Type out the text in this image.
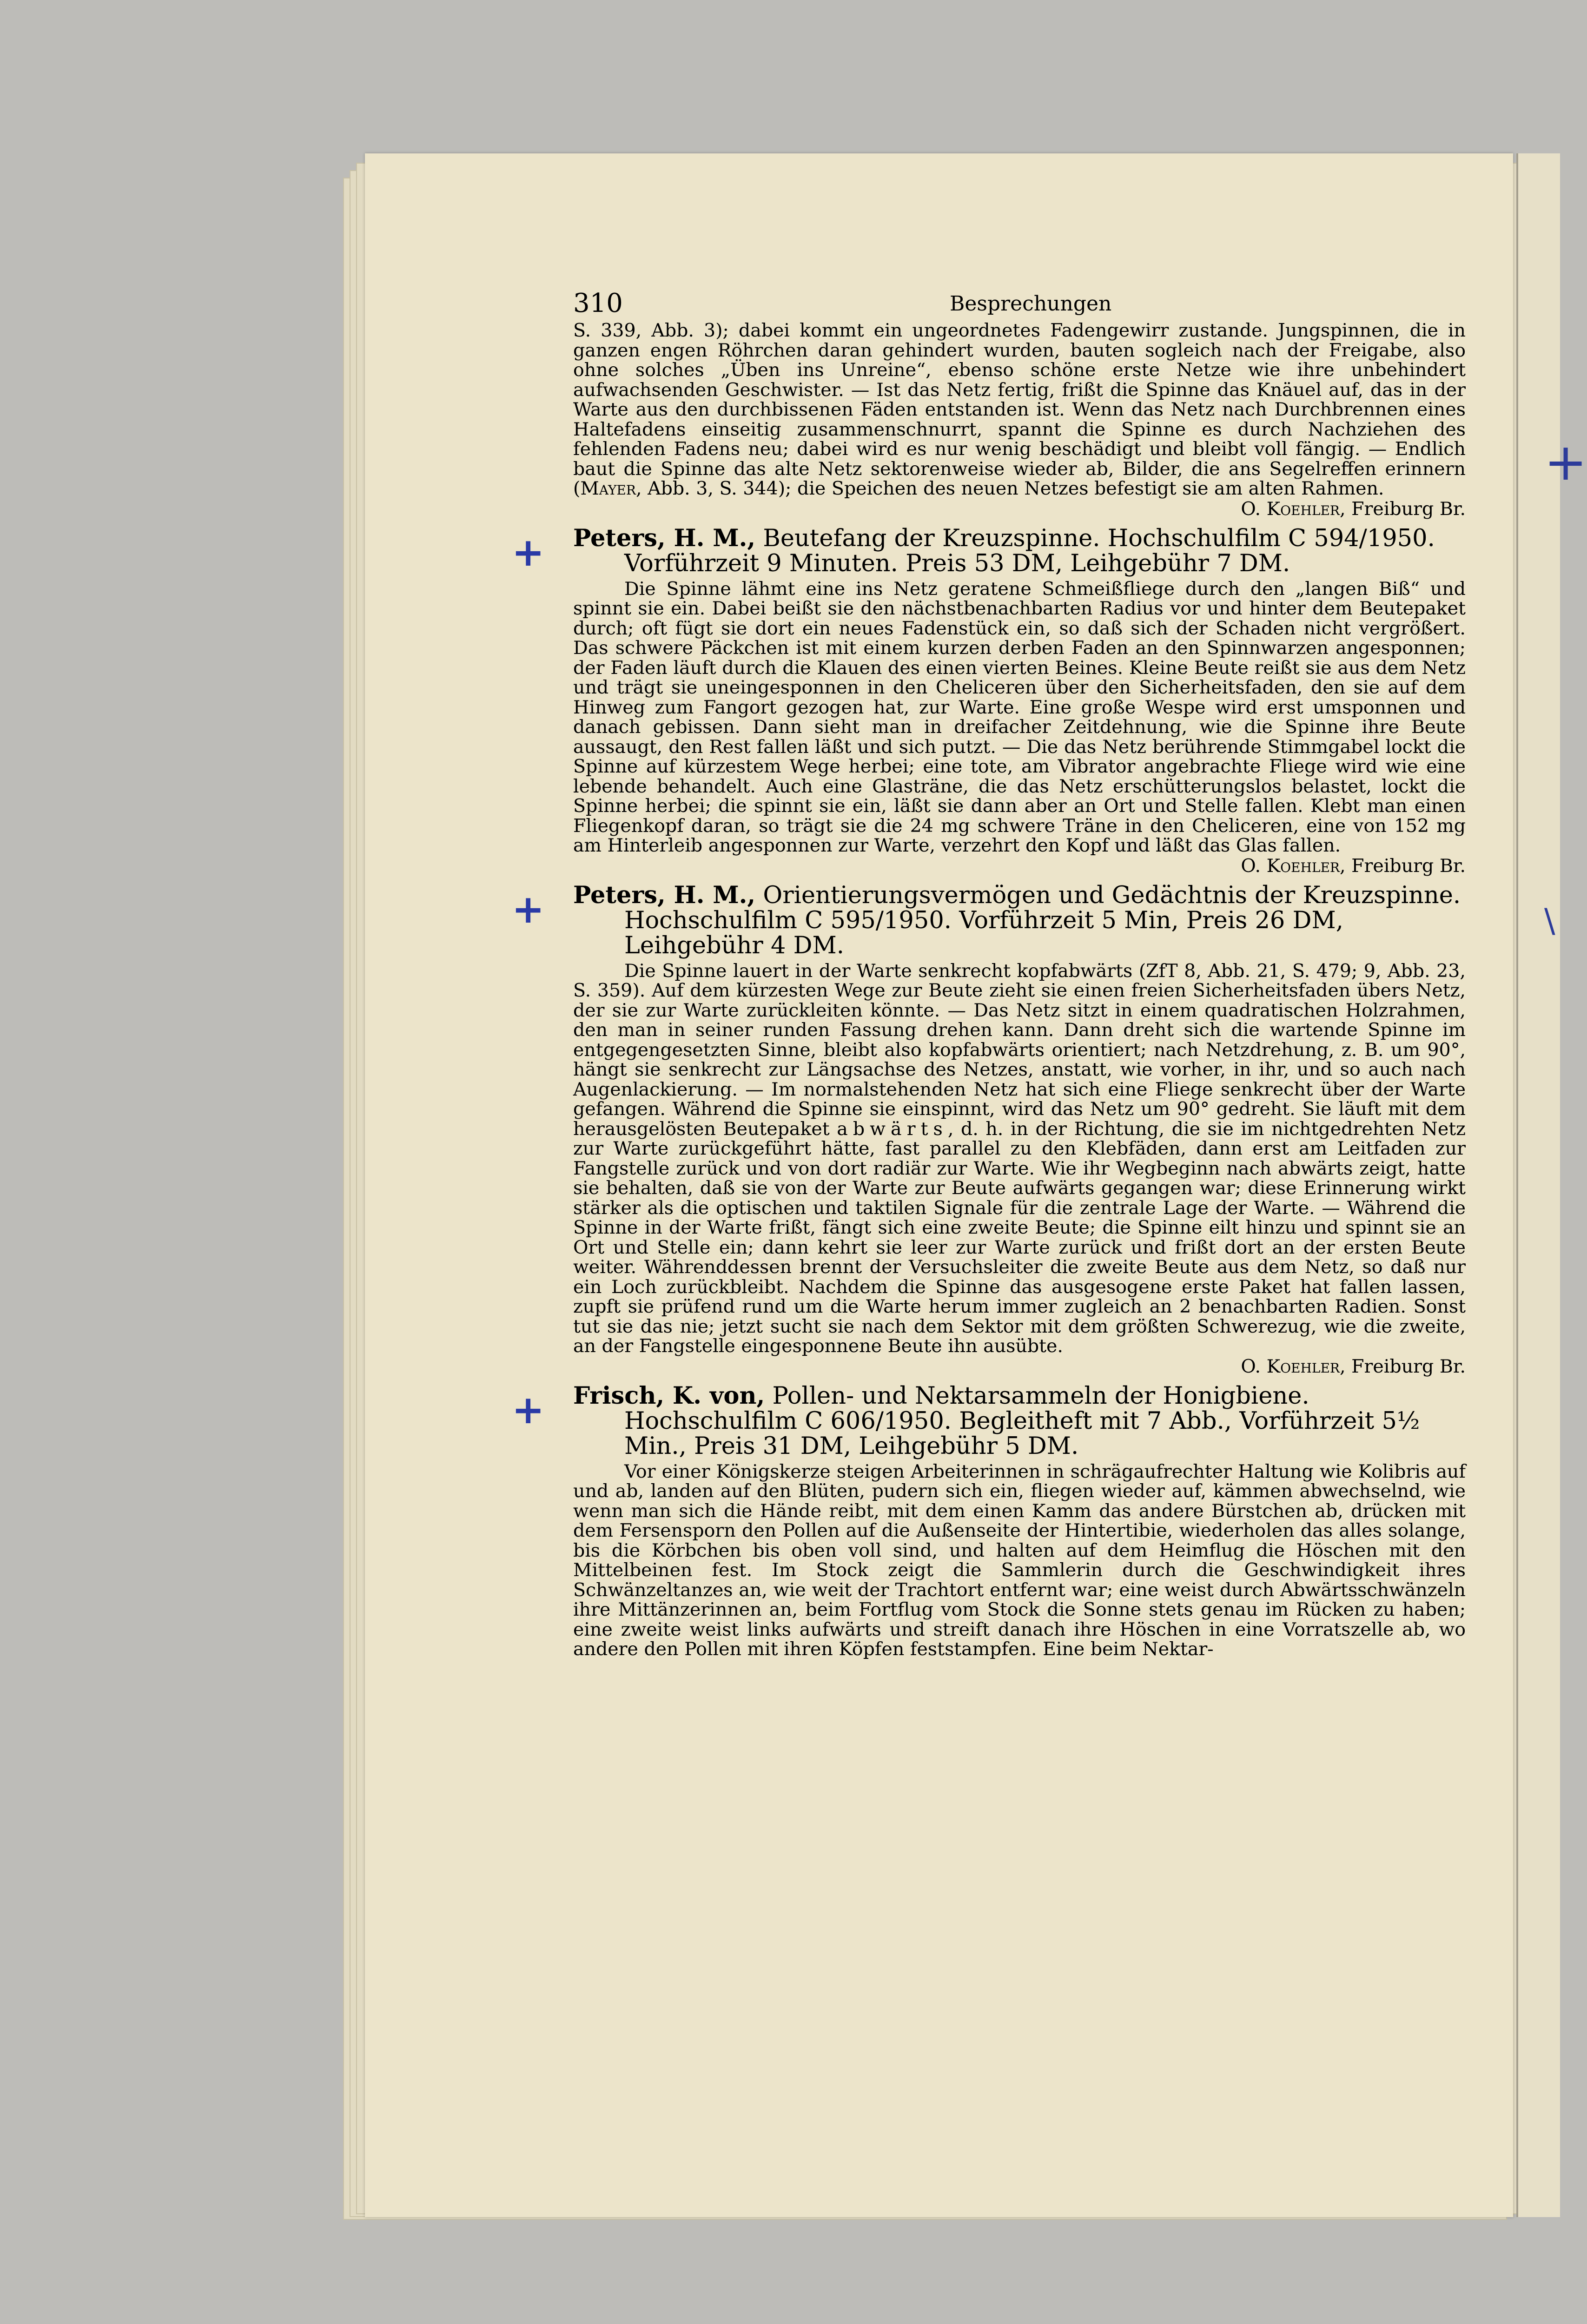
+
\
310	Besprechungen

S. 339, Abb. 3); dabei kommt ein ungeordnetes Fadengewirr zustande. Jungspinnen, die in ganzen engen Röhrchen daran gehindert wurden, bauten sogleich nach der Freigabe, also ohne solches „Üben ins Unreine“, ebenso schöne erste Netze wie ihre unbehindert aufwachsenden Geschwister. — Ist das Netz fertig, frißt die Spinne das Knäuel auf, das in der Warte aus den durchbissenen Fäden entstanden ist. Wenn das Netz nach Durchbrennen eines Haltefadens einseitig zusammenschnurrt, spannt die Spinne es durch Nachziehen des fehlenden Fadens neu; dabei wird es nur wenig beschädigt und bleibt voll fängig. — Endlich baut die Spinne das alte Netz sektorenweise wieder ab, Bilder, die ans Segelreffen erinnern (Mayer, Abb. 3, S. 344); die Speichen des neuen Netzes befestigt sie am alten Rahmen.

O. Koehler, Freiburg Br.
+ Peters, H. M., Beutefang der Kreuzspinne. Hochschulfilm C 594/1950. Vorführzeit 9 Minuten. Preis 53 DM, Leihgebühr 7 DM.

Die Spinne lähmt eine ins Netz geratene Schmeißfliege durch den „langen Biß“ und spinnt sie ein. Dabei beißt sie den nächstbenachbarten Radius vor und hinter dem Beutepaket durch; oft fügt sie dort ein neues Fadenstück ein, so daß sich der Schaden nicht vergrößert. Das schwere Päckchen ist mit einem kurzen derben Faden an den Spinnwarzen angesponnen; der Faden läuft durch die Klauen des einen vierten Beines. Kleine Beute reißt sie aus dem Netz und trägt sie uneingesponnen in den Cheliceren über den Sicherheitsfaden, den sie auf dem Hinweg zum Fangort gezogen hat, zur Warte. Eine große Wespe wird erst umsponnen und danach gebissen. Dann sieht man in dreifacher Zeitdehnung, wie die Spinne ihre Beute aussaugt, den Rest fallen läßt und sich putzt. — Die das Netz berührende Stimmgabel lockt die Spinne auf kürzestem Wege herbei; eine tote, am Vibrator angebrachte Fliege wird wie eine lebende behandelt. Auch eine Glasträne, die das Netz erschütterungslos belastet, lockt die Spinne herbei; die spinnt sie ein, läßt sie dann aber an Ort und Stelle fallen. Klebt man einen Fliegenkopf daran, so trägt sie die 24 mg schwere Träne in den Cheliceren, eine von 152 mg am Hinterleib angesponnen zur Warte, verzehrt den Kopf und läßt das Glas fallen.

O. Koehler, Freiburg Br.
+ Peters, H. M., Orientierungsvermögen und Gedächtnis der Kreuzspinne. Hochschulfilm C 595/1950. Vorführzeit 5 Min, Preis 26 DM, Leihgebühr 4 DM.

Die Spinne lauert in der Warte senkrecht kopfabwärts (ZfT 8, Abb. 21, S. 479; 9, Abb. 23, S. 359). Auf dem kürzesten Wege zur Beute zieht sie einen freien Sicherheitsfaden übers Netz, der sie zur Warte zurückleiten könnte. — Das Netz sitzt in einem quadratischen Holzrahmen, den man in seiner runden Fassung drehen kann. Dann dreht sich die wartende Spinne im entgegengesetzten Sinne, bleibt also kopfabwärts orientiert; nach Netzdrehung, z. B. um 90°, hängt sie senkrecht zur Längsachse des Netzes, anstatt, wie vorher, in ihr, und so auch nach Augenlackierung. — Im normalstehenden Netz hat sich eine Fliege senkrecht über der Warte gefangen. Während die Spinne sie einspinnt, wird das Netz um 90° gedreht. Sie läuft mit dem herausgelösten Beutepaket abwärts, d. h. in der Richtung, die sie im nichtgedrehten Netz zur Warte zurückgeführt hätte, fast parallel zu den Klebfäden, dann erst am Leitfaden zur Fangstelle zurück und von dort radiär zur Warte. Wie ihr Wegbeginn nach abwärts zeigt, hatte sie behalten, daß sie von der Warte zur Beute aufwärts gegangen war; diese Erinnerung wirkt stärker als die optischen und taktilen Signale für die zentrale Lage der Warte. — Während die Spinne in der Warte frißt, fängt sich eine zweite Beute; die Spinne eilt hinzu und spinnt sie an Ort und Stelle ein; dann kehrt sie leer zur Warte zurück und frißt dort an der ersten Beute weiter. Währenddessen brennt der Versuchsleiter die zweite Beute aus dem Netz, so daß nur ein Loch zurückbleibt. Nachdem die Spinne das ausgesogene erste Paket hat fallen lassen, zupft sie prüfend rund um die Warte herum immer zugleich an 2 benachbarten Radien. Sonst tut sie das nie; jetzt sucht sie nach dem Sektor mit dem größten Schwerezug, wie die zweite, an der Fangstelle eingesponnene Beute ihn ausübte.

O. Koehler, Freiburg Br.
+ Frisch, K. von, Pollen- und Nektarsammeln der Honigbiene. Hochschulfilm C 606/1950. Begleitheft mit 7 Abb., Vorführzeit 5½ Min., Preis 31 DM, Leihgebühr 5 DM.

Vor einer Königskerze steigen Arbeiterinnen in schrägaufrechter Haltung wie Kolibris auf und ab, landen auf den Blüten, pudern sich ein, fliegen wieder auf, kämmen abwechselnd, wie wenn man sich die Hände reibt, mit dem einen Kamm das andere Bürstchen ab, drücken mit dem Fersensporn den Pollen auf die Außenseite der Hintertibie, wiederholen das alles solange, bis die Körbchen bis oben voll sind, und halten auf dem Heimflug die Höschen mit den Mittelbeinen fest. Im Stock zeigt die Sammlerin durch die Geschwindigkeit ihres Schwänzeltanzes an, wie weit der Trachtort entfernt war; eine weist durch Abwärtsschwänzeln ihre Mittänzerinnen an, beim Fortflug vom Stock die Sonne stets genau im Rücken zu haben; eine zweite weist links aufwärts und streift danach ihre Höschen in eine Vorratszelle ab, wo andere den Pollen mit ihren Köpfen feststampfen. Eine beim Nektar-
